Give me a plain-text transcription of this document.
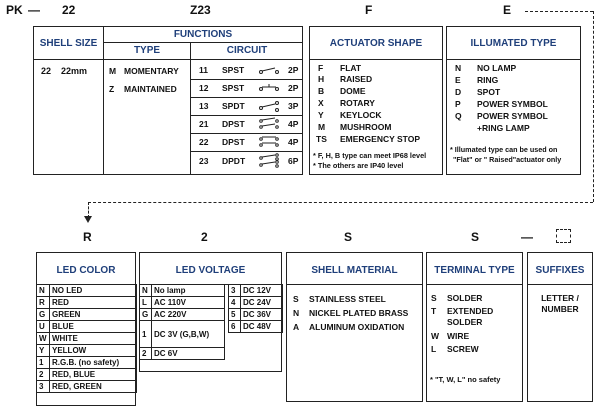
PK — 22	Z23	F	E
SHELL SIZE
22 22mm
FUNCTIONS
TYPE	CIRCUIT
M MOMENTARY
Z MAINTAINED
11 SPST	2P
12 SPST	2P
13 SPDT	3P
21 DPST	4P
22 DPST	4P
23 DPDT	6P
ACTUATOR SHAPE
F FLAT
H RAISED
B DOME
X ROTARY
Y KEYLOCK
M MUSHROOM
TS EMERGENCY STOP
* F, H, B type can meet IP68 level
* The others are IP40 level
ILLUMATED TYPE
N NO LAMP
E RING
D SPOT
P POWER SYMBOL
Q POWER SYMBOL
+RING LAMP
* Illumated type can be used on
"Flat" or " Raised"actuator only
R	2	S	S	—
LED COLOR
N	NO LED
R	RED
G	GREEN
U	BLUE
W	WHITE
Y	YELLOW
1	R.G.B. (no safety)
2	RED, BLUE
3	RED, GREEN
LED VOLTAGE
N	No lamp
L	AC 110V
G	AC 220V
1	DC 3V (G,B,W)
2	DC 6V
3	DC 12V
4	DC 24V
5	DC 36V
6	DC 48V
SHELL MATERIAL
S STAINLESS STEEL
N NICKEL PLATED BRASS
A ALUMINUM OXIDATION
TERMINAL TYPE
S SOLDER
T EXTENDED
SOLDER
W WIRE
L SCREW
* "T, W, L" no safety
SUFFIXES
LETTER /
NUMBER
